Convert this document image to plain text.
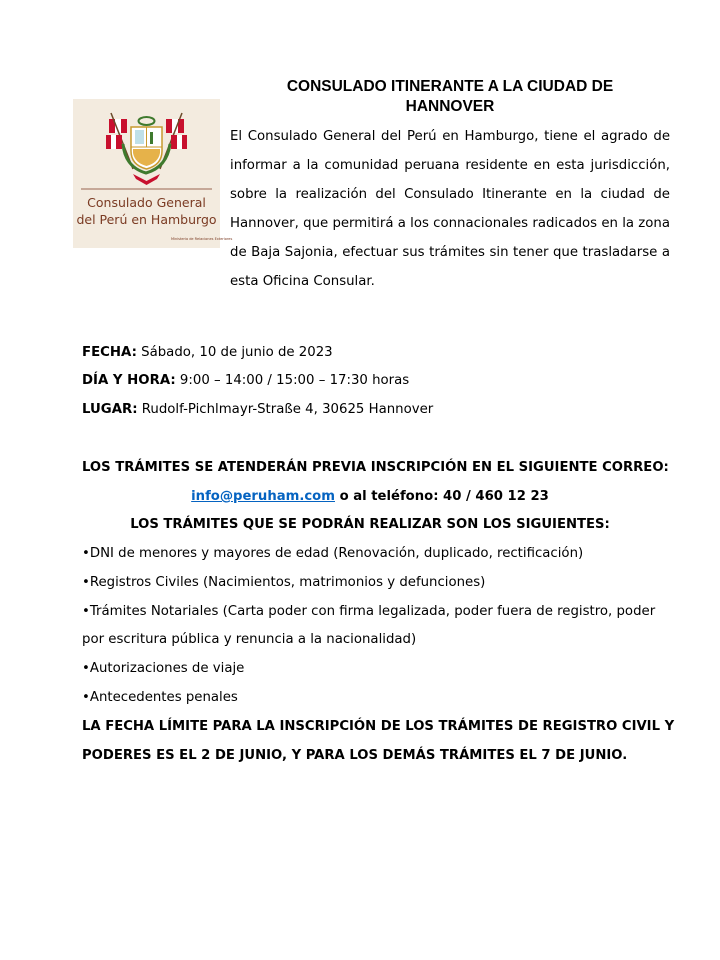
Consulado General
del Perú en Hamburgo
Ministerio de Relaciones Exteriores
CONSULADO ITINERANTE A LA CIUDAD DE
HANNOVER
El Consulado General del Perú en Hamburgo, tiene el agrado de informar a la comunidad peruana residente en esta jurisdicción, sobre la realización del Consulado Itinerante en la ciudad de Hannover, que permitirá a los connacionales radicados en la zona de Baja Sajonia, efectuar sus trámites sin tener que trasladarse a esta Oficina Consular.
FECHA: Sábado, 10 de junio de 2023
DÍA Y HORA: 9:00 – 14:00 / 15:00 – 17:30 horas
LUGAR: Rudolf-Pichlmayr-Straße 4, 30625 Hannover
LOS TRÁMITES SE ATENDERÁN PREVIA INSCRIPCIÓN EN EL SIGUIENTE CORREO:
info@peruham.com o al teléfono: 40 / 460 12 23
LOS TRÁMITES QUE SE PODRÁN REALIZAR SON LOS SIGUIENTES:
•DNI de menores y mayores de edad (Renovación, duplicado, rectificación)
•Registros Civiles (Nacimientos, matrimonios y defunciones)
•Trámites Notariales (Carta poder con firma legalizada, poder fuera de registro, poder
por escritura pública y renuncia a la nacionalidad)
•Autorizaciones de viaje
•Antecedentes penales
LA FECHA LÍMITE PARA LA INSCRIPCIÓN DE LOS TRÁMITES DE REGISTRO CIVIL Y
PODERES ES EL 2 DE JUNIO, Y PARA LOS DEMÁS TRÁMITES EL 7 DE JUNIO.
